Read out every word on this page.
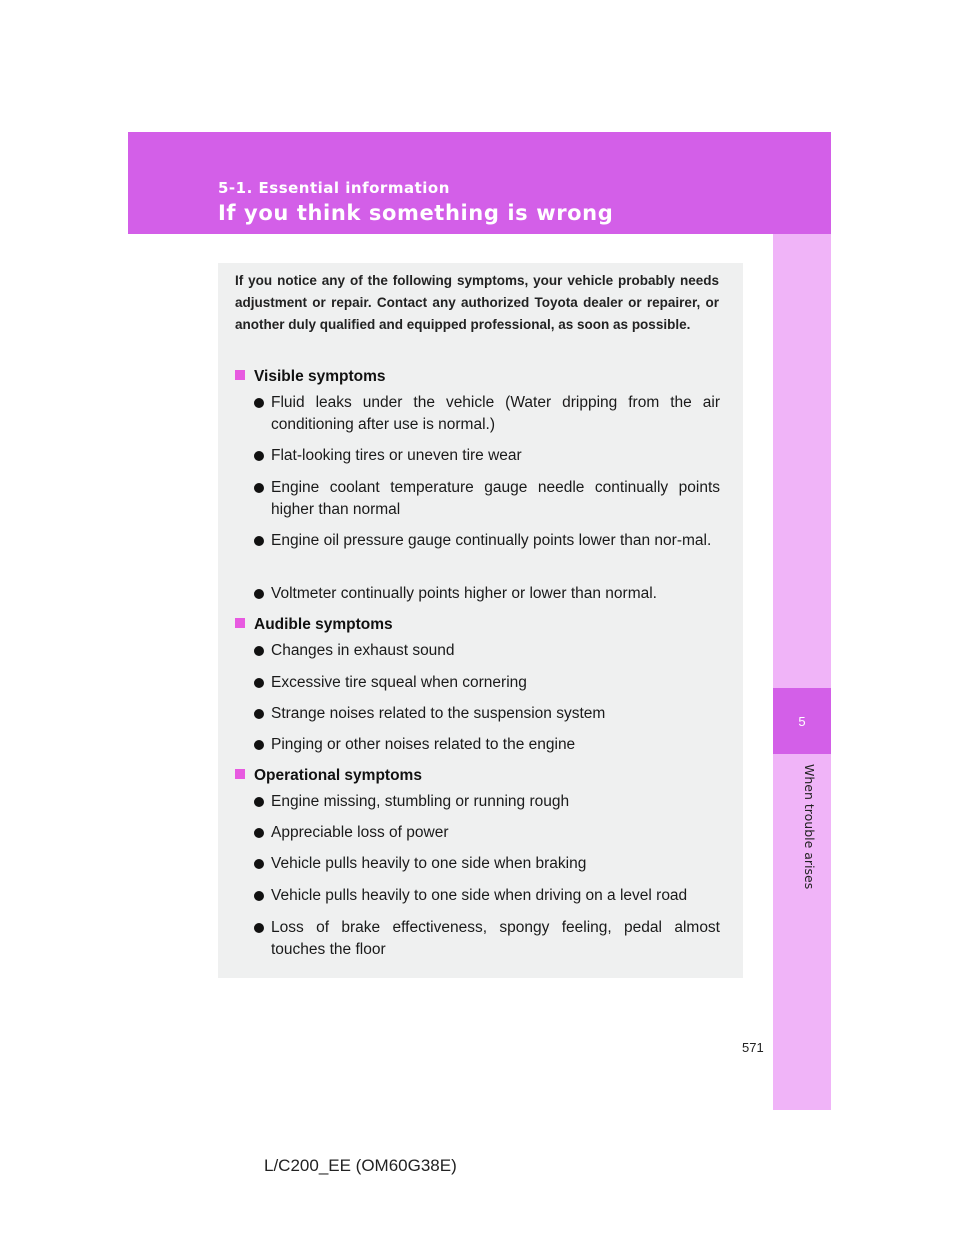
5-1. Essential information
If you think something is wrong
5
When trouble arises
If you notice any of the following symptoms, your vehicle probably needs adjustment or repair. Contact any authorized Toyota dealer or repairer, or another duly qualified and equipped professional, as soon as possible.
Visible symptoms
Fluid leaks under the vehicle (Water dripping from the air conditioning after use is normal.)
Flat-looking tires or uneven tire wear
Engine coolant temperature gauge needle continually points higher than normal
Engine oil pressure gauge continually points lower than nor-mal.
Voltmeter continually points higher or lower than normal.
Audible symptoms
Changes in exhaust sound
Excessive tire squeal when cornering
Strange noises related to the suspension system
Pinging or other noises related to the engine
Operational symptoms
Engine missing, stumbling or running rough
Appreciable loss of power
Vehicle pulls heavily to one side when braking
Vehicle pulls heavily to one side when driving on a level road
Loss of brake effectiveness, spongy feeling, pedal almost touches the floor
571
L/C200_EE (OM60G38E)
